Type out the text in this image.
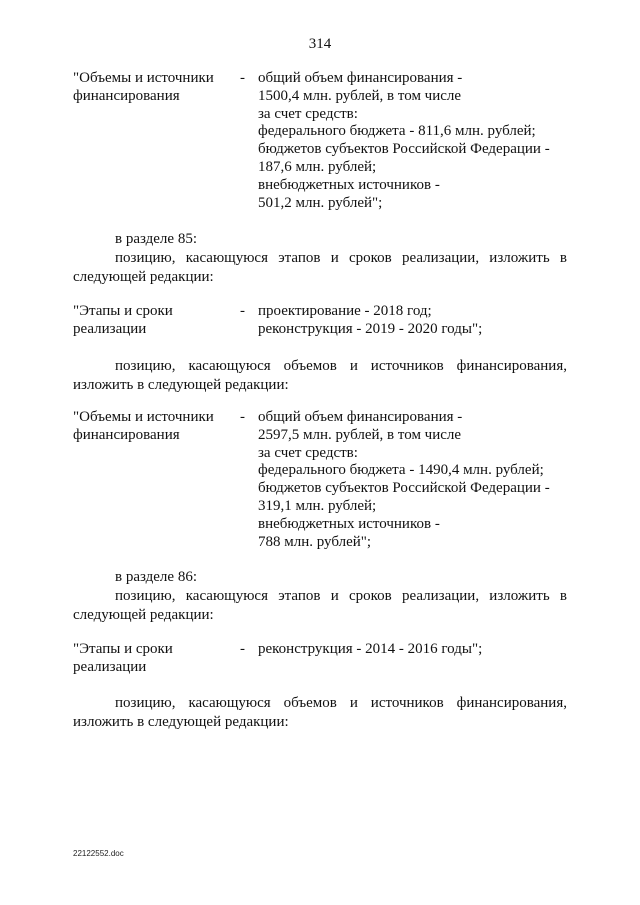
314
"Объемы и источники
финансирования
- общий объем финансирования -
1500,4 млн. рублей, в том числе
за счет средств:
федерального бюджета - 811,6 млн. рублей;
бюджетов субъектов Российской Федерации -
187,6 млн. рублей;
внебюджетных источников -
501,2 млн. рублей";
в разделе 85:
позицию, касающуюся этапов и сроков реализации, изложить в
следующей редакции:
"Этапы и сроки
реализации
- проектирование - 2018 год;
реконструкция - 2019 - 2020 годы";
позицию, касающуюся объемов и источников финансирования,
изложить в следующей редакции:
"Объемы и источники
финансирования
- общий объем финансирования -
2597,5 млн. рублей, в том числе
за счет средств:
федерального бюджета - 1490,4 млн. рублей;
бюджетов субъектов Российской Федерации -
319,1 млн. рублей;
внебюджетных источников -
788 млн. рублей";
в разделе 86:
позицию, касающуюся этапов и сроков реализации, изложить в
следующей редакции:
"Этапы и сроки
реализации
- реконструкция - 2014 - 2016 годы";
позицию, касающуюся объемов и источников финансирования,
изложить в следующей редакции:
22122552.doc
